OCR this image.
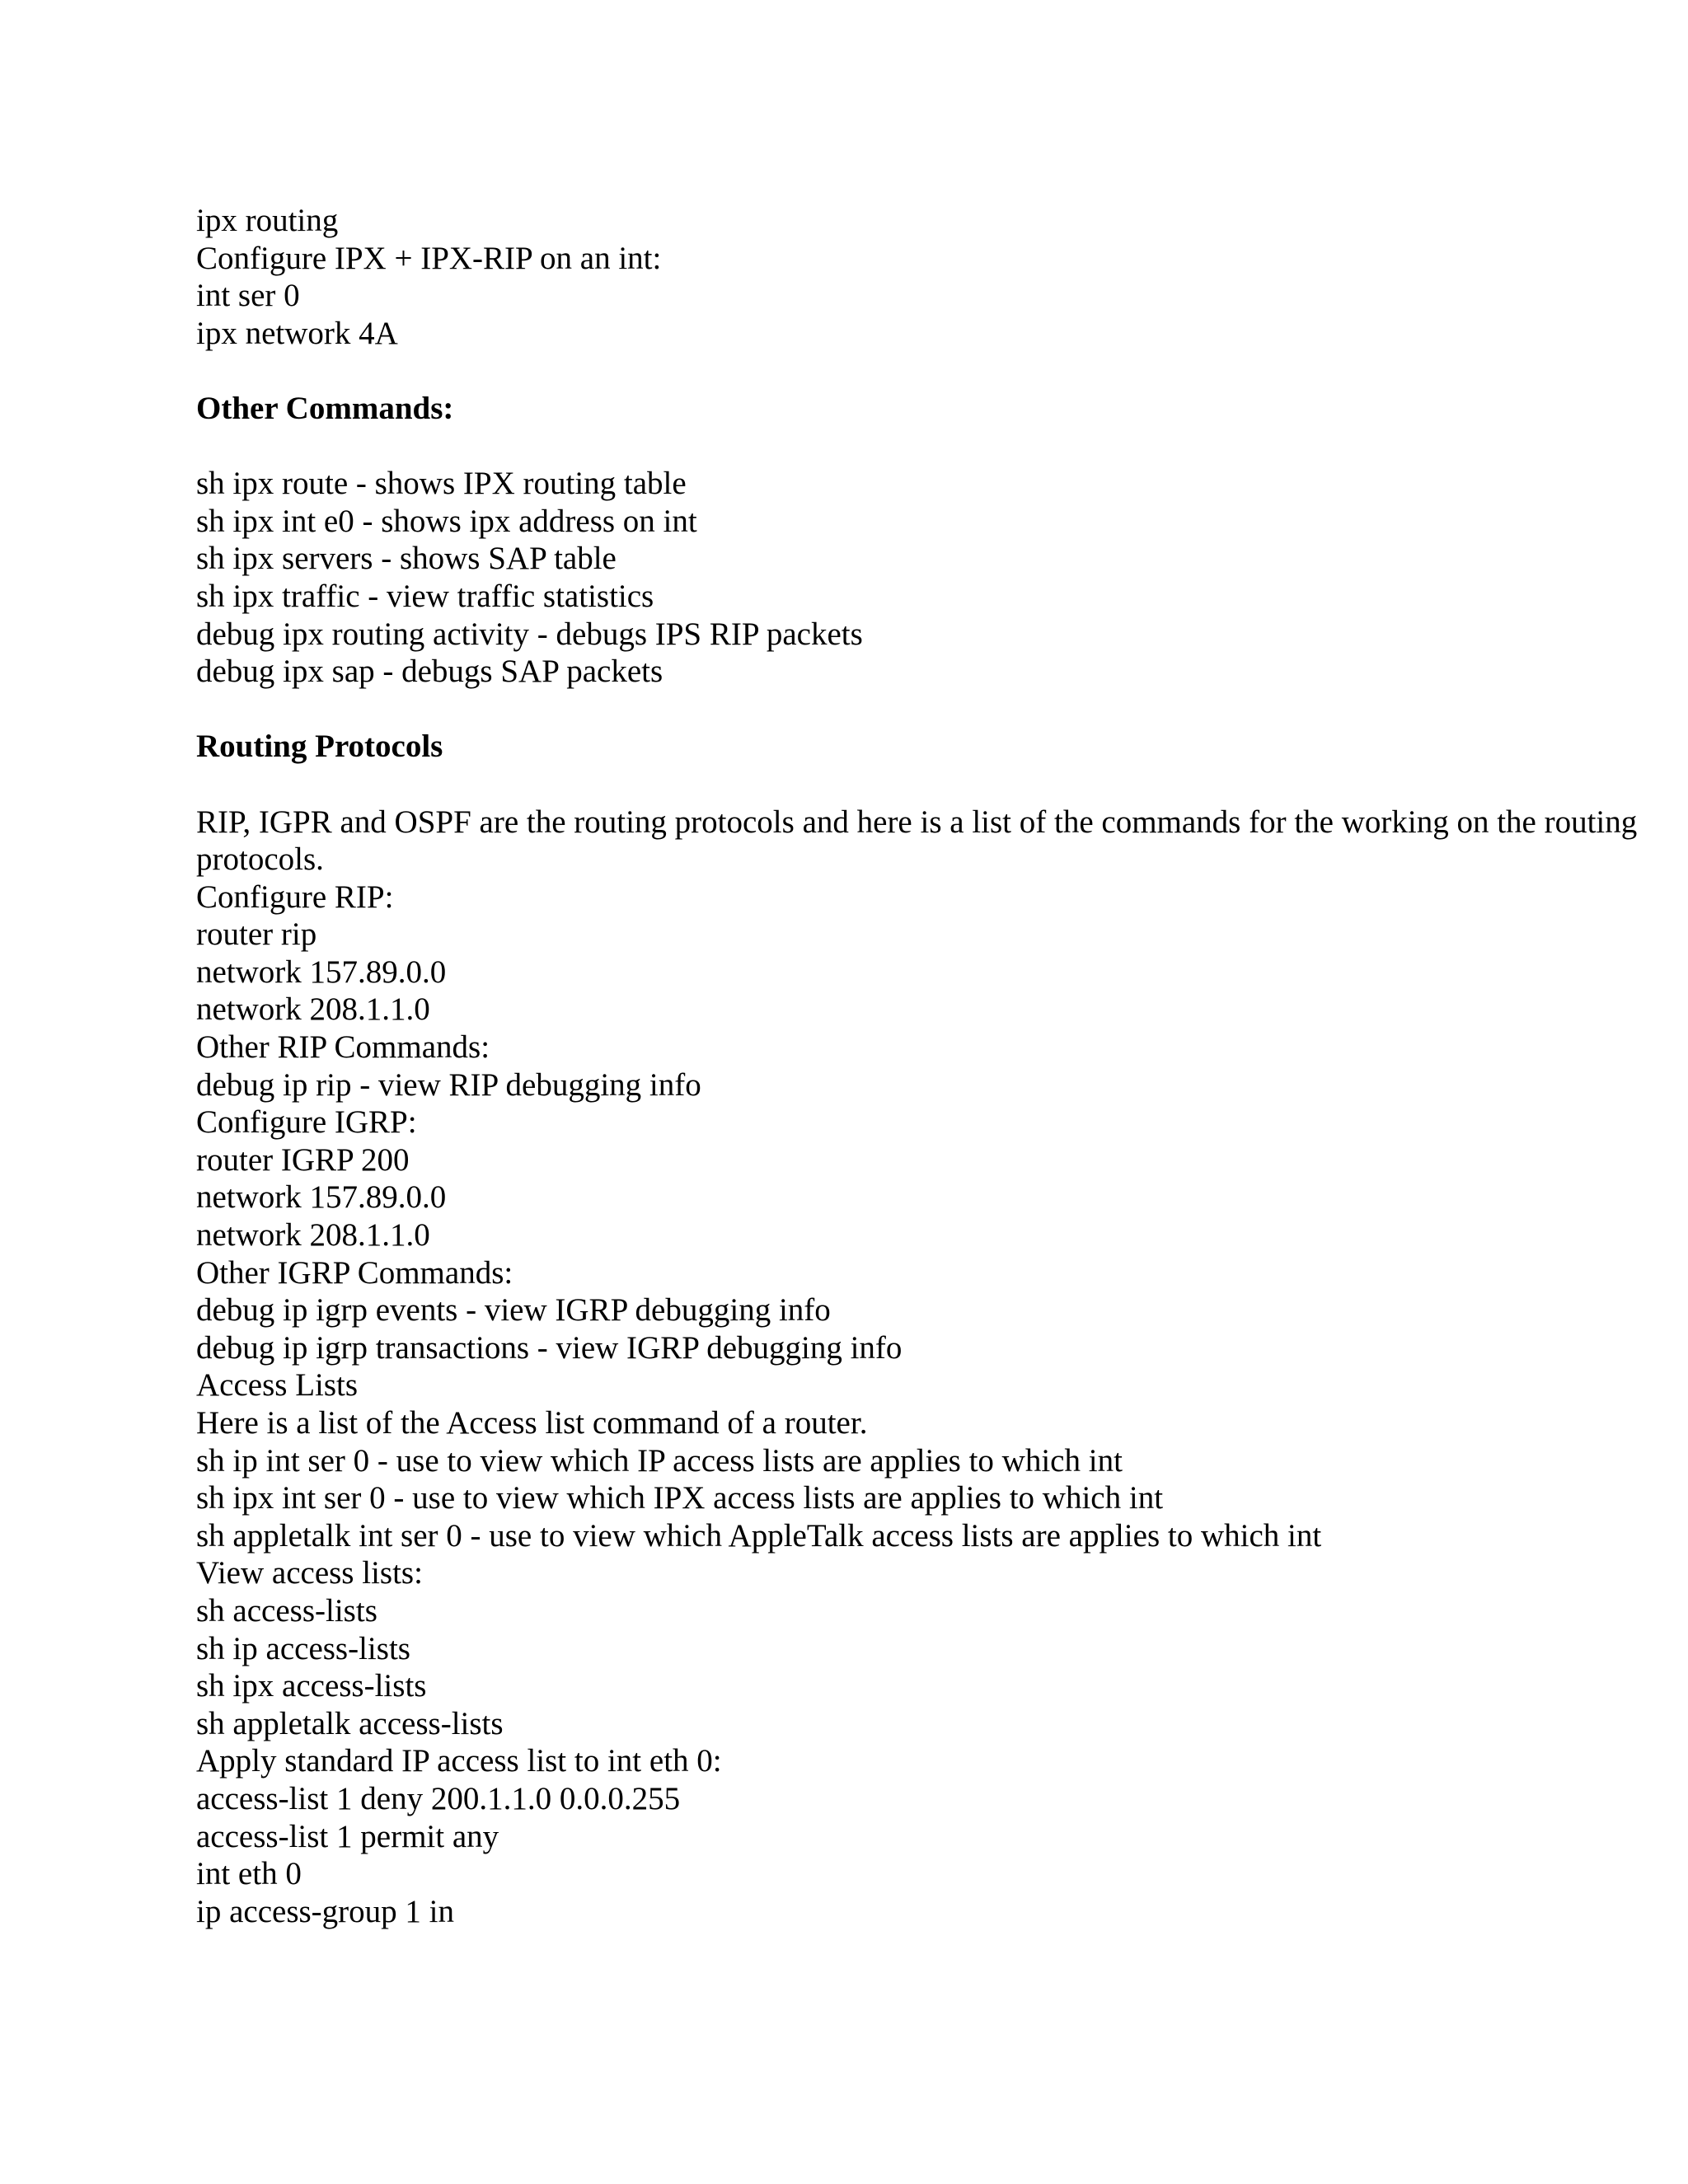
ipx routing
Configure IPX + IPX-RIP on an int:
int ser 0
ipx network 4A
Other Commands:
sh ipx route - shows IPX routing table
sh ipx int e0 - shows ipx address on int
sh ipx servers - shows SAP table
sh ipx traffic - view traffic statistics
debug ipx routing activity - debugs IPS RIP packets
debug ipx sap - debugs SAP packets
Routing Protocols
RIP, IGPR and OSPF are the routing protocols and here is a list of the commands for the working on the routing protocols.
Configure RIP:
router rip
network 157.89.0.0
network 208.1.1.0
Other RIP Commands:
debug ip rip - view RIP debugging info
Configure IGRP:
router IGRP 200
network 157.89.0.0
network 208.1.1.0
Other IGRP Commands:
debug ip igrp events - view IGRP debugging info
debug ip igrp transactions - view IGRP debugging info
Access Lists
Here is a list of the Access list command of a router.
sh ip int ser 0 - use to view which IP access lists are applies to which int
sh ipx int ser 0 - use to view which IPX access lists are applies to which int
sh appletalk int ser 0 - use to view which AppleTalk access lists are applies to which int
View access lists:
sh access-lists
sh ip access-lists
sh ipx access-lists
sh appletalk access-lists
Apply standard IP access list to int eth 0:
access-list 1 deny 200.1.1.0 0.0.0.255
access-list 1 permit any
int eth 0
ip access-group 1 in
